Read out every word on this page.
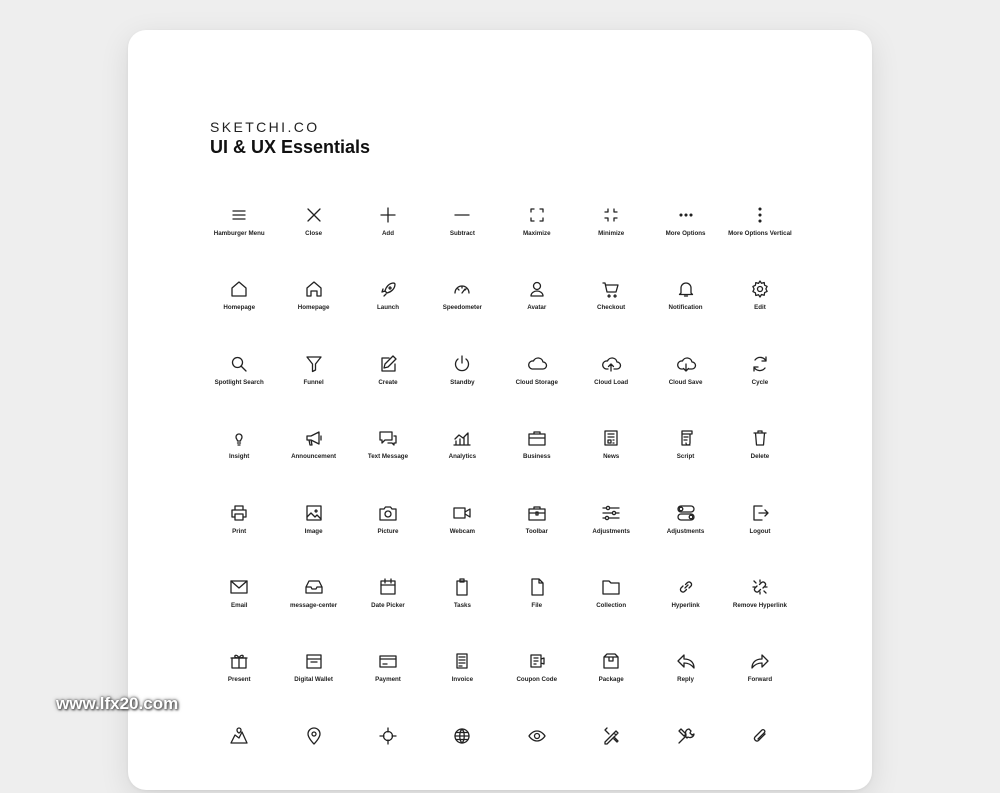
SKETCHI.CO
UI & UX Essentials
Hamburger Menu	Close	Add	Subtract	Maximize	Minimize	More Options	More Options Vertical
Homepage	Homepage	Launch	Speedometer	Avatar	Checkout	Notification	Edit
Spotlight Search	Funnel	Create	Standby	Cloud Storage	Cloud Load	Cloud Save	Cycle
Insight	Announcement	Text Message	Analytics	Business	News	Script	Delete
Print	Image	Picture	Webcam	Toolbar	Adjustments	Adjustments	Logout
Email	message-center	Date Picker	Tasks	File	Collection	Hyperlink	Remove Hyperlink
Present	Digital Wallet	Payment	Invoice	Coupon Code	Package	Reply	Forward
www.lfx20.com
